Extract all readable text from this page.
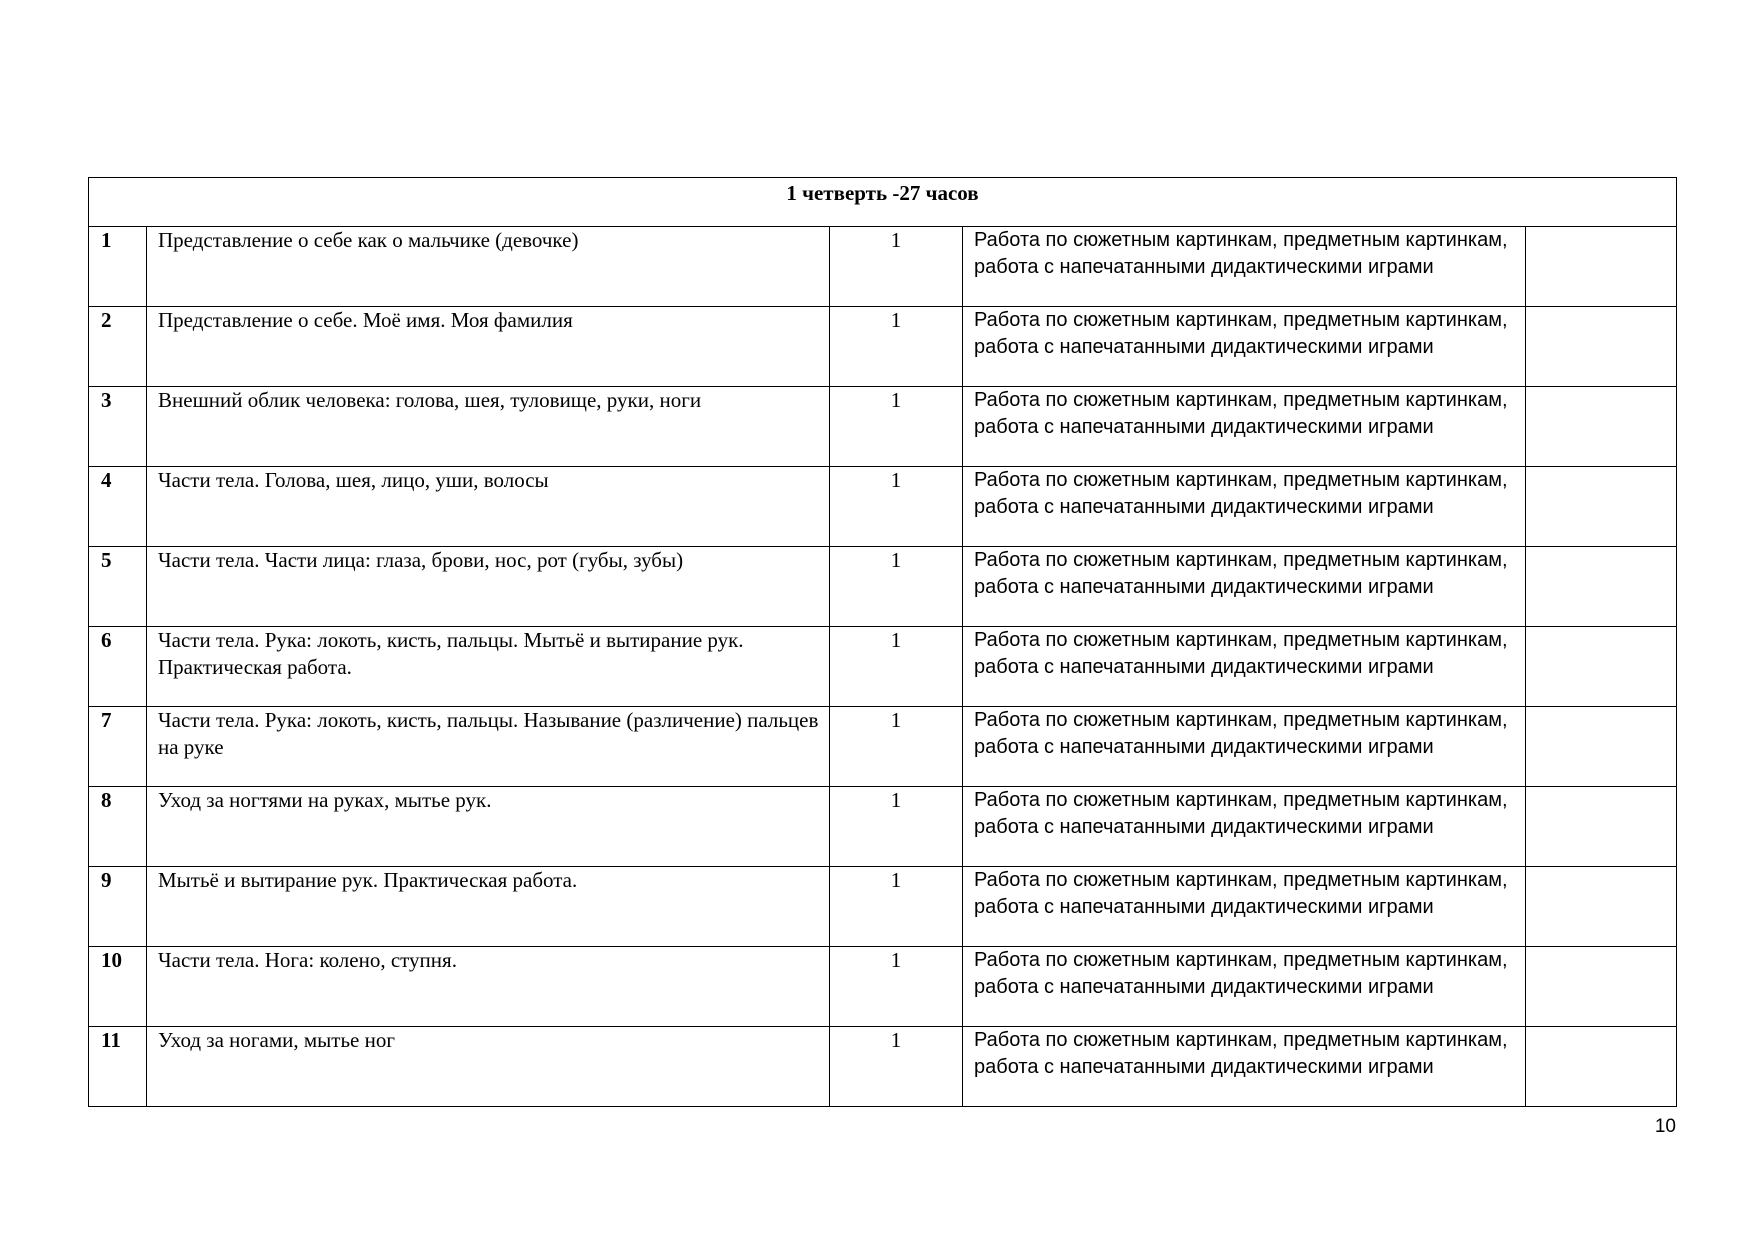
1 четверть -27 часов				
1	Представление о себе как о мальчике (девочке)	1	Работа по сюжетным картинкам, предметным картинкам, работа с напечатанными дидактическими играми	
2	Представление о себе. Моё имя. Моя фамилия	1	Работа по сюжетным картинкам, предметным картинкам, работа с напечатанными дидактическими играми	
3	Внешний облик человека: голова, шея, туловище, руки, ноги	1	Работа по сюжетным картинкам, предметным картинкам, работа с напечатанными дидактическими играми	
4	Части тела. Голова, шея, лицо, уши, волосы	1	Работа по сюжетным картинкам, предметным картинкам, работа с напечатанными дидактическими играми	
5	Части тела. Части лица: глаза, брови, нос, рот (губы, зубы)	1	Работа по сюжетным картинкам, предметным картинкам, работа с напечатанными дидактическими играми	
6	Части тела. Рука: локоть, кисть, пальцы. Мытьё и вытирание рук. Практическая работа.	1	Работа по сюжетным картинкам, предметным картинкам, работа с напечатанными дидактическими играми	
7	Части тела. Рука: локоть, кисть, пальцы. Называние (различение) пальцев на руке	1	Работа по сюжетным картинкам, предметным картинкам, работа с напечатанными дидактическими играми	
8	Уход за ногтями на руках, мытье рук.	1	Работа по сюжетным картинкам, предметным картинкам, работа с напечатанными дидактическими играми	
9	Мытьё и вытирание рук. Практическая работа.	1	Работа по сюжетным картинкам, предметным картинкам, работа с напечатанными дидактическими играми	
10	Части тела. Нога: колено, ступня.	1	Работа по сюжетным картинкам, предметным картинкам, работа с напечатанными дидактическими играми	
11	Уход за ногами, мытье ног	1	Работа по сюжетным картинкам, предметным картинкам, работа с напечатанными дидактическими играми	
10
